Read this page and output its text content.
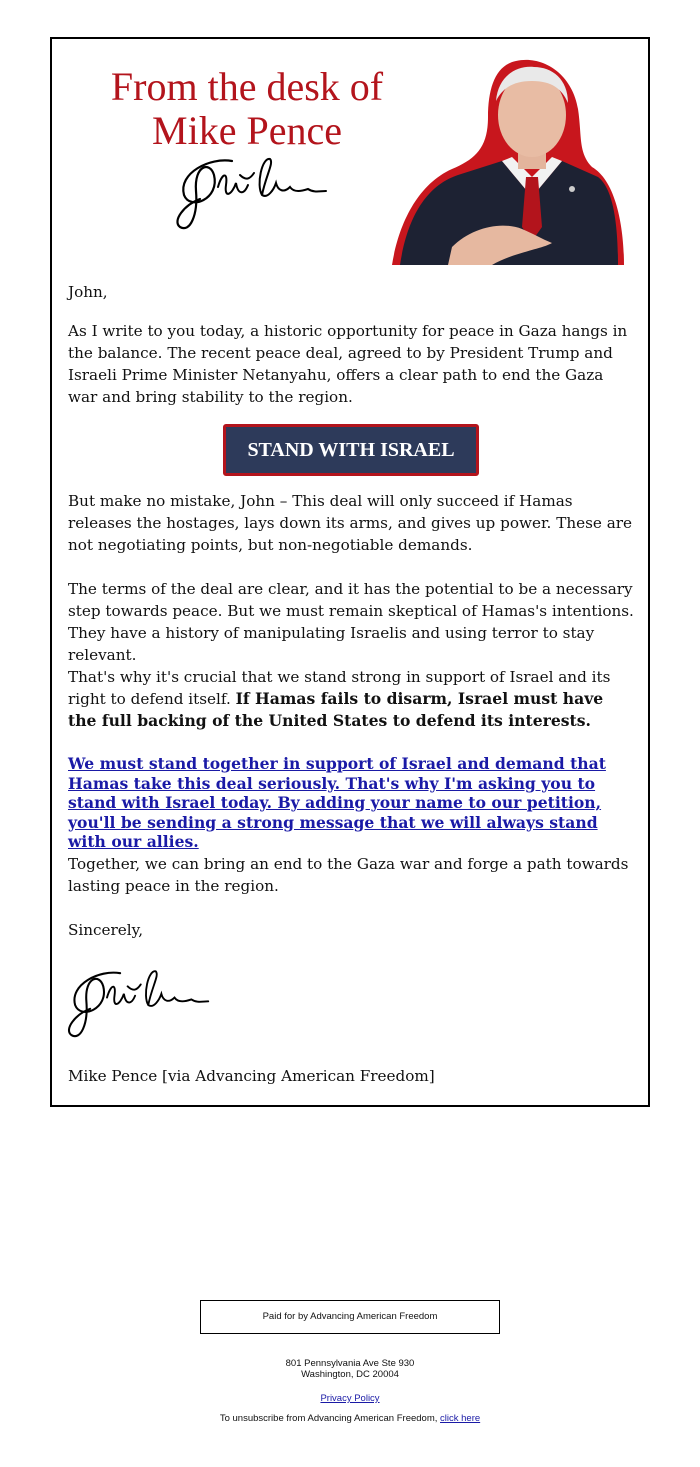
From the desk of
Mike Pence

John,

As I write to you today, a historic opportunity for peace in Gaza hangs in the balance. The recent peace deal, agreed to by President Trump and Israeli Prime Minister Netanyahu, offers a clear path to end the Gaza war and bring stability to the region.

STAND WITH ISRAEL

But make no mistake, John – This deal will only succeed if Hamas releases the hostages, lays down its arms, and gives up power. These are not negotiating points, but non-negotiable demands.

The terms of the deal are clear, and it has the potential to be a necessary step towards peace. But we must remain skeptical of Hamas's intentions. They have a history of manipulating Israelis and using terror to stay relevant.

That's why it's crucial that we stand strong in support of Israel and its right to defend itself. If Hamas fails to disarm, Israel must have the full backing of the United States to defend its interests.

We must stand together in support of Israel and demand that Hamas take this deal seriously. That's why I'm asking you to stand with Israel today. By adding your name to our petition, you'll be sending a strong message that we will always stand with our allies.

Together, we can bring an end to the Gaza war and forge a path towards lasting peace in the region.

Sincerely,

Mike Pence [via Advancing American Freedom]

Paid for by Advancing American Freedom
801 Pennsylvania Ave Ste 930
Washington, DC 20004
Privacy Policy
To unsubscribe from Advancing American Freedom, click here
